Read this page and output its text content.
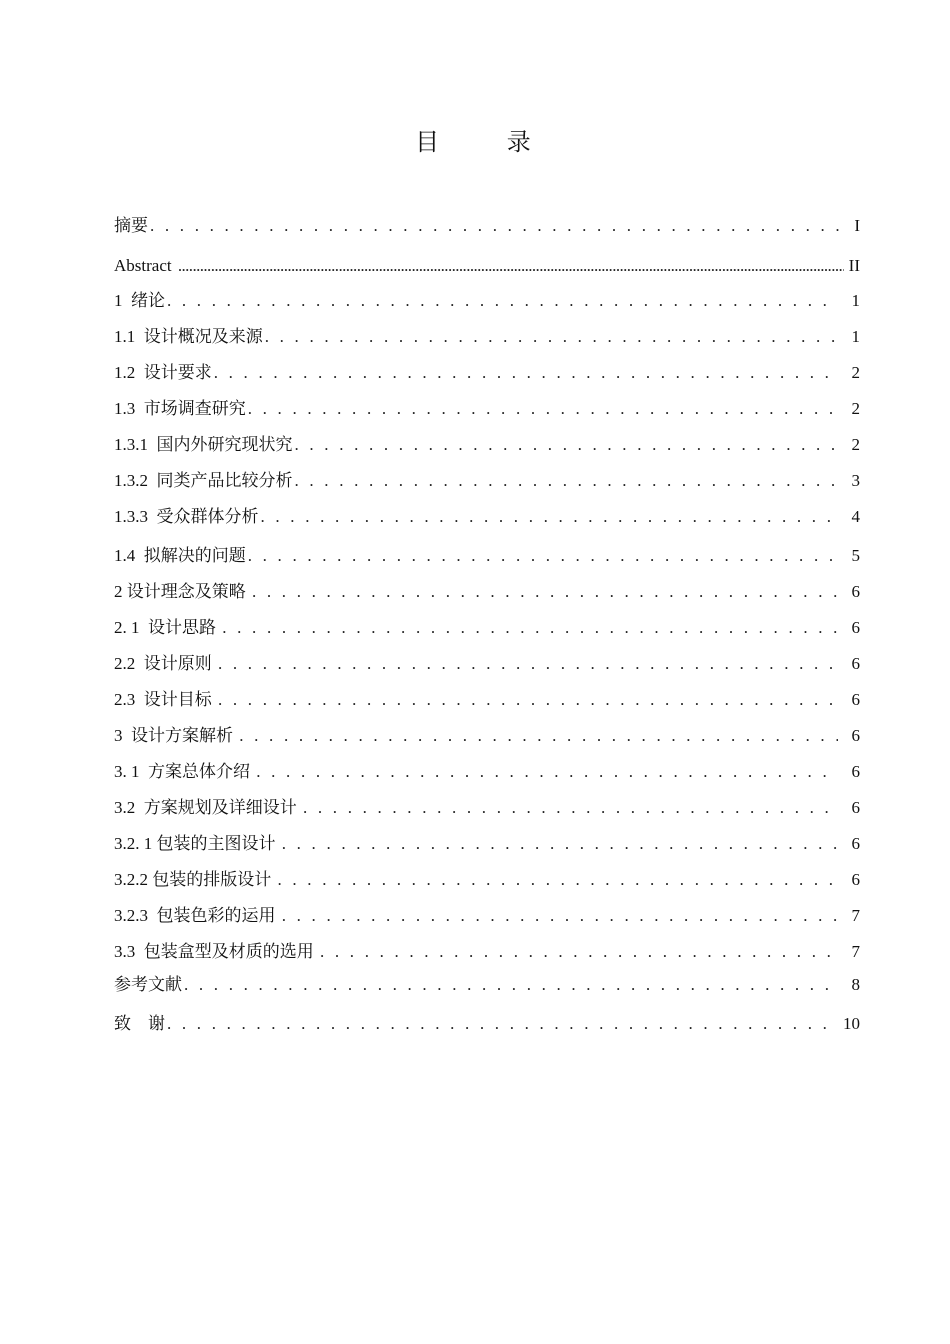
目 录
摘要 . . .	I
Abstract .....	II
1  绪论 . . .	1
1.1  设计概况及来源 . . .	1
1.2  设计要求 . . .	2
1.3  市场调查研究 . . .	2
1.3.1  国内外研究现状究 . . .	2
1.3.2  同类产品比较分析 . . .	3
1.3.3  受众群体分析 . . .	4
1.4  拟解决的问题 . . .	5
2 设计理念及策略 . . .	6
2. 1  设计思路 . . .	6
2.2  设计原则 . . .	6
2.3  设计目标 . . .	6
3  设计方案解析 . . .	6
3. 1  方案总体介绍 . . .	6
3.2  方案规划及详细设计 . . .	6
3.2. 1 包装的主图设计 . . .	6
3.2.2 包装的排版设计 . . .	6
3.2.3  包装色彩的运用 . . .	7
3.3  包装盒型及材质的选用 . . .	7
参考文献 . . .	8
致    谢 . . .	10
